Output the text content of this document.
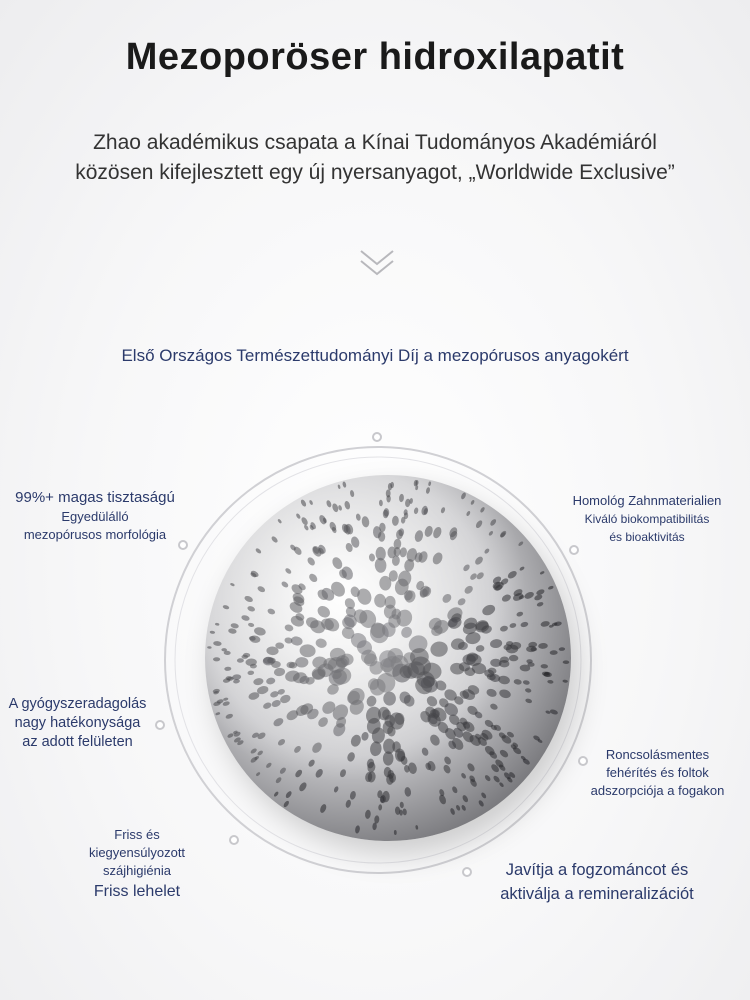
Mezoporöser hidroxilapatit
Zhao akadémikus csapata a Kínai Tudományos Akadémiáról
közösen kifejlesztett egy új nyersanyagot, „Worldwide Exclusive”
Első Országos Természettudományi Díj a mezopórusos anyagokért
99%+ magas tisztaságú
Egyedülálló
mezopórusos morfológia
Homológ Zahnmaterialien
Kiváló biokompatibilitás
és bioaktivitás
A gyógyszeradagolás
nagy hatékonysága
az adott felületen
Roncsolásmentes
fehérítés és foltok
adszorpciója a fogakon
Friss és
kiegyensúlyozott
szájhigiénia
Friss lehelet
Javítja a fogzománcot és
aktiválja a remineralizációt
